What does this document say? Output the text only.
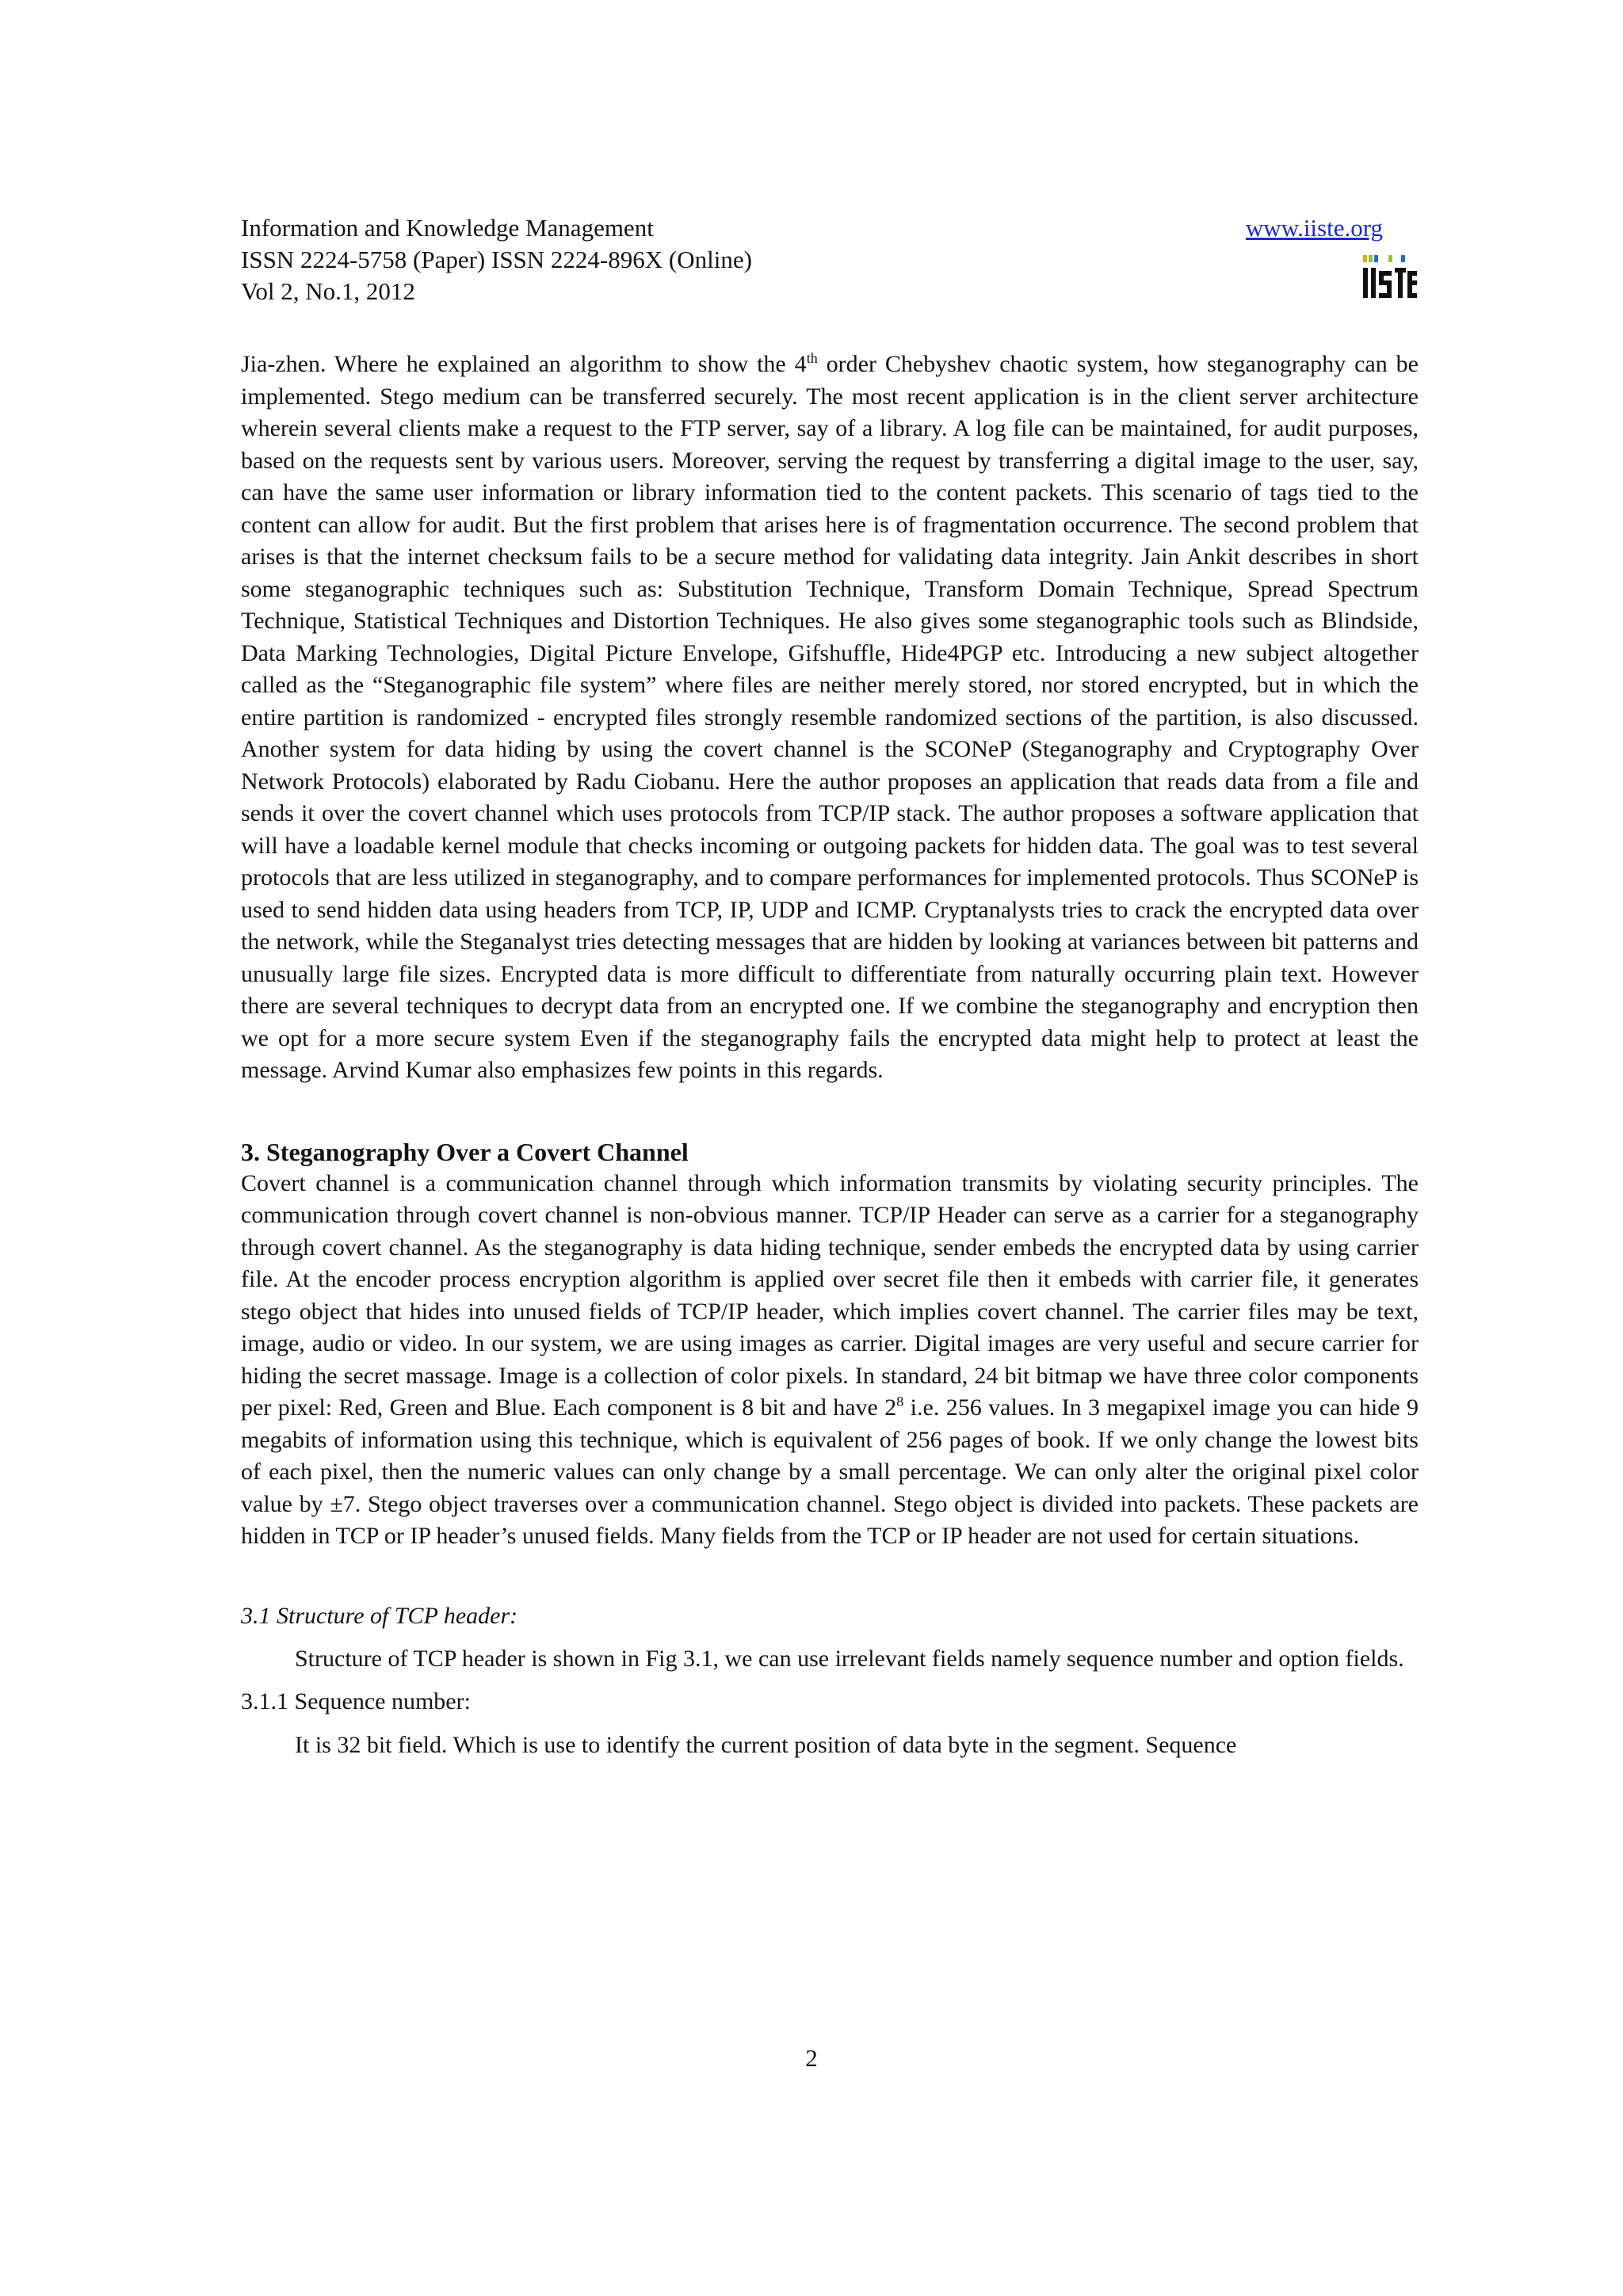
Information and Knowledge Management
ISSN 2224-5758 (Paper) ISSN 2224-896X (Online)
Vol 2, No.1, 2012
www.iiste.org

Jia-zhen. Where he explained an algorithm to show the 4th order Chebyshev chaotic system, how steganography can be implemented. Stego medium can be transferred securely. The most recent application is in the client server architecture wherein several clients make a request to the FTP server, say of a library. A log file can be maintained, for audit purposes, based on the requests sent by various users. Moreover, serving the request by transferring a digital image to the user, say, can have the same user information or library information tied to the content packets. This scenario of tags tied to the content can allow for audit. But the first problem that arises here is of fragmentation occurrence. The second problem that arises is that the internet checksum fails to be a secure method for validating data integrity. Jain Ankit describes in short some steganographic techniques such as: Substitution Technique, Transform Domain Technique, Spread Spectrum Technique, Statistical Techniques and Distortion Techniques. He also gives some steganographic tools such as Blindside, Data Marking Technologies, Digital Picture Envelope, Gifshuffle, Hide4PGP etc. Introducing a new subject altogether called as the “Steganographic file system” where files are neither merely stored, nor stored encrypted, but in which the entire partition is randomized - encrypted files strongly resemble randomized sections of the partition, is also discussed. Another system for data hiding by using the covert channel is the SCONeP (Steganography and Cryptography Over Network Protocols) elaborated by Radu Ciobanu. Here the author proposes an application that reads data from a file and sends it over the covert channel which uses protocols from TCP/IP stack. The author proposes a software application that will have a loadable kernel module that checks incoming or outgoing packets for hidden data. The goal was to test several protocols that are less utilized in steganography, and to compare performances for implemented protocols. Thus SCONeP is used to send hidden data using headers from TCP, IP, UDP and ICMP. Cryptanalysts tries to crack the encrypted data over the network, while the Steganalyst tries detecting messages that are hidden by looking at variances between bit patterns and unusually large file sizes. Encrypted data is more difficult to differentiate from naturally occurring plain text. However there are several techniques to decrypt data from an encrypted one. If we combine the steganography and encryption then we opt for a more secure system Even if the steganography fails the encrypted data might help to protect at least the message. Arvind Kumar also emphasizes few points in this regards.

3. Steganography Over a Covert Channel

Covert channel is a communication channel through which information transmits by violating security principles. The communication through covert channel is non-obvious manner. TCP/IP Header can serve as a carrier for a steganography through covert channel. As the steganography is data hiding technique, sender embeds the encrypted data by using carrier file. At the encoder process encryption algorithm is applied over secret file then it embeds with carrier file, it generates stego object that hides into unused fields of TCP/IP header, which implies covert channel. The carrier files may be text, image, audio or video. In our system, we are using images as carrier. Digital images are very useful and secure carrier for hiding the secret massage. Image is a collection of color pixels. In standard, 24 bit bitmap we have three color components per pixel: Red, Green and Blue. Each component is 8 bit and have $2^8$ i.e. 256 values. In 3 megapixel image you can hide 9 megabits of information using this technique, which is equivalent of 256 pages of book. If we only change the lowest bits of each pixel, then the numeric values can only change by a small percentage. We can only alter the original pixel color value by ±7. Stego object traverses over a communication channel. Stego object is divided into packets. These packets are hidden in TCP or IP header’s unused fields. Many fields from the TCP or IP header are not used for certain situations.

3.1 Structure of TCP header:

Structure of TCP header is shown in Fig 3.1, we can use irrelevant fields namely sequence number and option fields.

3.1.1 Sequence number:

It is 32 bit field. Which is use to identify the current position of data byte in the segment. Sequence

2
